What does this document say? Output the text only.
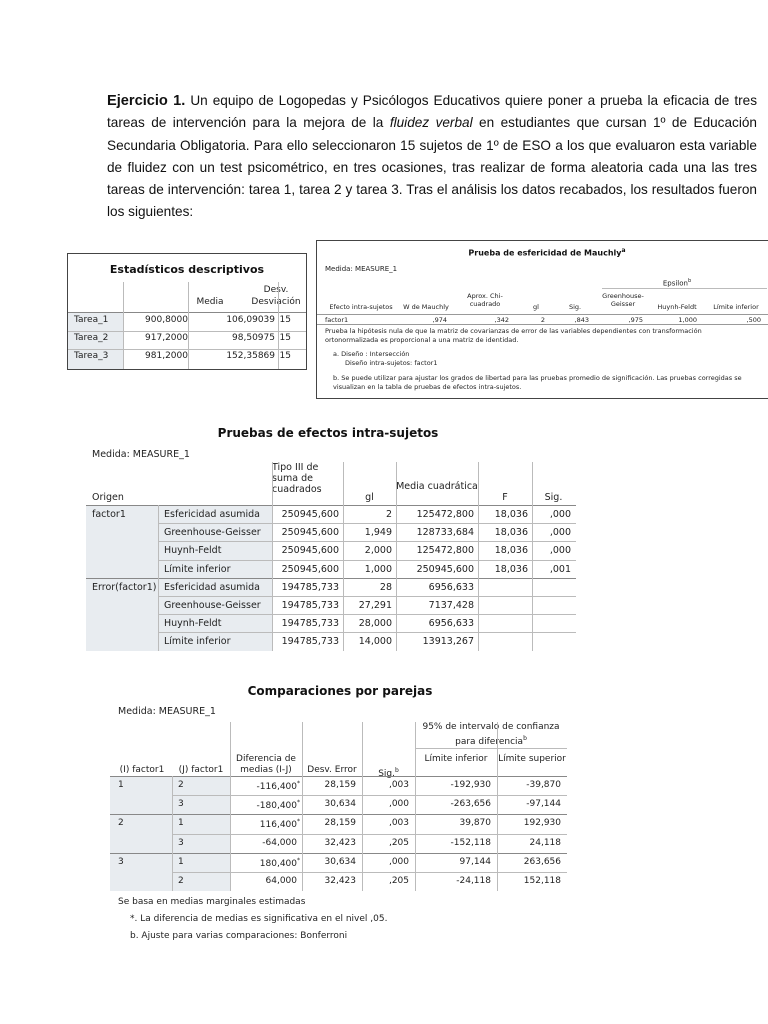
Ejercicio 1. Un equipo de Logopedas y Psicólogos Educativos quiere poner a prueba la eficacia de tres tareas de intervención para la mejora de la fluidez verbal en estudiantes que cursan 1º de Educación Secundaria Obligatoria. Para ello seleccionaron 15 sujetos de 1º de ESO a los que evaluaron esta variable de fluidez con un test psicométrico, en tres ocasiones, tras realizar de forma aleatoria cada una las tres tareas de intervención: tarea 1, tarea 2 y tarea 3. Tras el análisis los datos recabados, los resultados fueron los siguientes:
Estadísticos descriptivos
Media
Desv. Desviación
Tarea_1	900,8000	106,09039 15
Tarea_2	917,2000	98,50975 15
Tarea_3	981,2000	152,35869 15
Prueba de esfericidad de Mauchly$^a$
Medida: MEASURE_1
Epsilon$^b$
Efecto intra-sujetos	W de Mauchly
Aprox. Chi-cuadrado	gl	Sig.
Greenhouse-Geisser	Huynh-Feldt	Límite inferior
factor1	,974	,342	2	,843	,975	1,000	,500
Prueba la hipótesis nula de que la matriz de covarianzas de error de las variables dependientes con transformación ortonormalizada es proporcional a una matriz de identidad.
a. Diseño : Intersección
Diseño intra-sujetos: factor1
b. Se puede utilizar para ajustar los grados de libertad para las pruebas promedio de significación. Las pruebas corregidas se visualizan en la tabla de pruebas de efectos intra-sujetos.
Pruebas de efectos intra-sujetos
Medida: MEASURE_1
Origen
Tipo III de suma de cuadrados
gl
Media cuadrática
F	Sig.
factor1	Esfericidad asumida	250945,600	2	125472,800	18,036	,000
Greenhouse-Geisser	250945,600	1,949	128733,684	18,036	,000
Huynh-Feldt	250945,600	2,000	125472,800	18,036	,000
Límite inferior	250945,600	1,000	250945,600	18,036	,001
Error(factor1) Esfericidad asumida	194785,733	28	6956,633
Greenhouse-Geisser	194785,733	27,291	7137,428
Huynh-Feldt	194785,733	28,000	6956,633
Límite inferior	194785,733	14,000	13913,267
Comparaciones por parejas
Medida: MEASURE_1
95% de intervalo de confianza para diferencia$^b$
(I) factor1	(J) factor1
Diferencia de medias (I-J)	Desv. Error	Sig.$^b$
Límite inferior	Límite superior
1	2	-116,400*	28,159	,003	-192,930	-39,870
3	-180,400*	30,634	,000	-263,656	-97,144
2	1	116,400*	28,159	,003	39,870	192,930
3	-64,000	32,423	,205	-152,118	24,118
3	1	180,400*	30,634	,000	97,144	263,656
2	64,000	32,423	,205	-24,118	152,118
Se basa en medias marginales estimadas
*. La diferencia de medias es significativa en el nivel ,05.
b. Ajuste para varias comparaciones: Bonferroni
